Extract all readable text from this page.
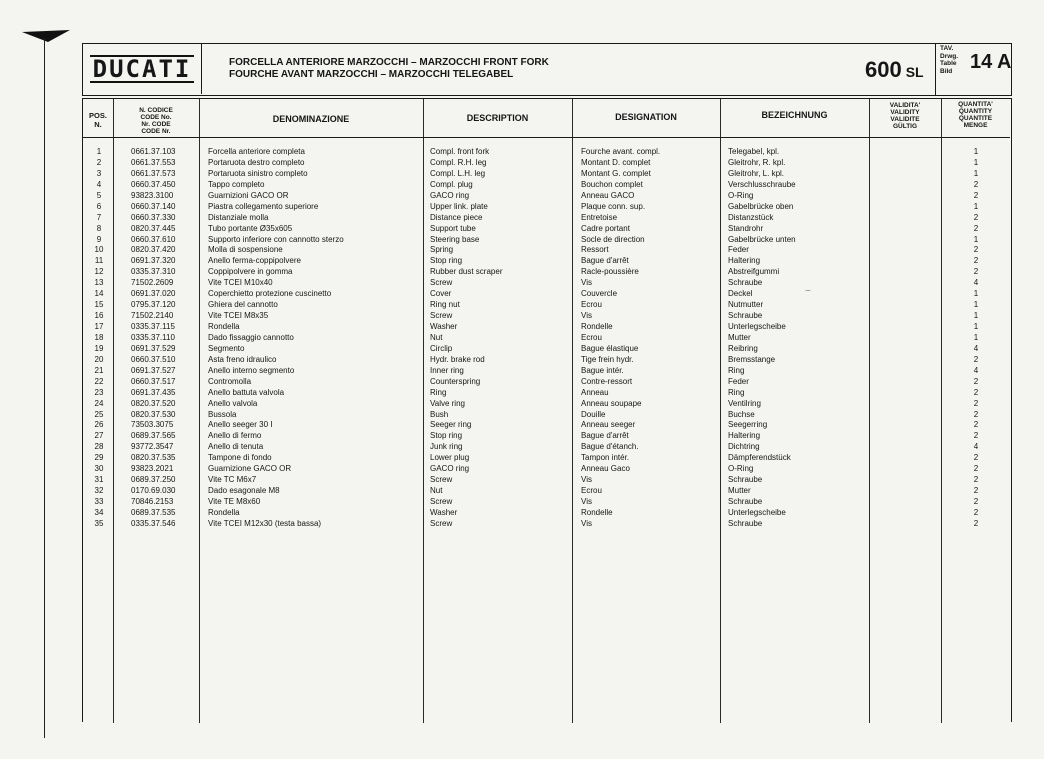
DUCATI	FORCELLA ANTERIORE MARZOCCHI – MARZOCCHI FRONT FORK
FOURCHE AVANT MARZOCCHI – MARZOCCHI TELEGABEL	600 SL
TAV.
Drwg.
Table
Bild 14 A
POS.
N.
N. CODICE
CODE No.
Nr. CODE
CODE Nr.
DENOMINAZIONE	DESCRIPTION	DESIGNATION	BEZEICHNUNG
VALIDITA'
VALIDITY
VALIDITE
GÜLTIG
QUANTITA'
QUANTITY
QUANTITE
MENGE
1	0661.37.103	Forcella anteriore completa	Compl. front fork	Fourche avant. compl.	Telegabel, kpl.	1
2	0661.37.553	Portaruota destro completo	Compl. R.H. leg	Montant D. complet	Gleitrohr, R. kpl.	1
3	0661.37.573	Portaruota sinistro completo	Compl. L.H. leg	Montant G. complet	Gleitrohr, L. kpl.	1
4	0660.37.450	Tappo completo	Compl. plug	Bouchon complet	Verschlusschraube	2
5	93823.3100	Guarnizioni GACO OR	GACO ring	Anneau GACO	O-Ring	2
6	0660.37.140	Piastra collegamento superiore	Upper link. plate	Plaque conn. sup.	Gabelbrücke oben	1
7	0660.37.330	Distanziale molla	Distance piece	Entretoise	Distanzstück	2
8	0820.37.445	Tubo portante Ø35x605	Support tube	Cadre portant	Standrohr	2
9	0660.37.610	Supporto inferiore con cannotto sterzo	Steering base	Socle de direction	Gabelbrücke unten	1
10	0820.37.420	Molla di sospensione	Spring	Ressort	Feder	2
11	0691.37.320	Anello ferma-coppipolvere	Stop ring	Bague d'arrêt	Haltering	2
12	0335.37.310	Coppipolvere in gomma	Rubber dust scraper	Racle-poussière	Abstreifgummi	2
13	71502.2609	Vite TCEI M10x40	Screw	Vis	Schraube	4
14	0691.37.020	Coperchietto protezione cuscinetto	Cover	Couvercle	Deckel	1
15	0795.37.120	Ghiera del cannotto	Ring nut	Ecrou	Nutmutter	1
16	71502.2140	Vite TCEI M8x35	Screw	Vis	Schraube	1
17	0335.37.115	Rondella	Washer	Rondelle	Unterlegscheibe	1
18	0335.37.110	Dado fissaggio cannotto	Nut	Ecrou	Mutter	1
19	0691.37.529	Segmento	Circlip	Bague élastique	Reibring	4
20	0660.37.510	Asta freno idraulico	Hydr. brake rod	Tige frein hydr.	Bremsstange	2
21	0691.37.527	Anello interno segmento	Inner ring	Bague intér.	Ring	4
22	0660.37.517	Contromolla	Counterspring	Contre-ressort	Feder	2
23	0691.37.435	Anello battuta valvola	Ring	Anneau	Ring	2
24	0820.37.520	Anello valvola	Valve ring	Anneau soupape	Ventilring	2
25	0820.37.530	Bussola	Bush	Douille	Buchse	2
26	73503.3075	Anello seeger 30 I	Seeger ring	Anneau seeger	Seegerring	2
27	0689.37.565	Anello di fermo	Stop ring	Bague d'arrêt	Haltering	2
28	93772.3547	Anello di tenuta	Junk ring	Bague d'étanch.	Dichtring	4
29	0820.37.535	Tampone di fondo	Lower plug	Tampon intér.	Dämpferendstück	2
30	93823.2021	Guarnizione GACO OR	GACO ring	Anneau Gaco	O-Ring	2
31	0689.37.250	Vite TC M6x7	Screw	Vis	Schraube	2
32	0170.69.030	Dado esagonale M8	Nut	Ecrou	Mutter	2
33	70846.2153	Vite TE M8x60	Screw	Vis	Schraube	2
34	0689.37.535	Rondella	Washer	Rondelle	Unterlegscheibe	2
35	0335.37.546	Vite TCEI M12x30 (testa bassa)	Screw	Vis	Schraube	2
⌣
